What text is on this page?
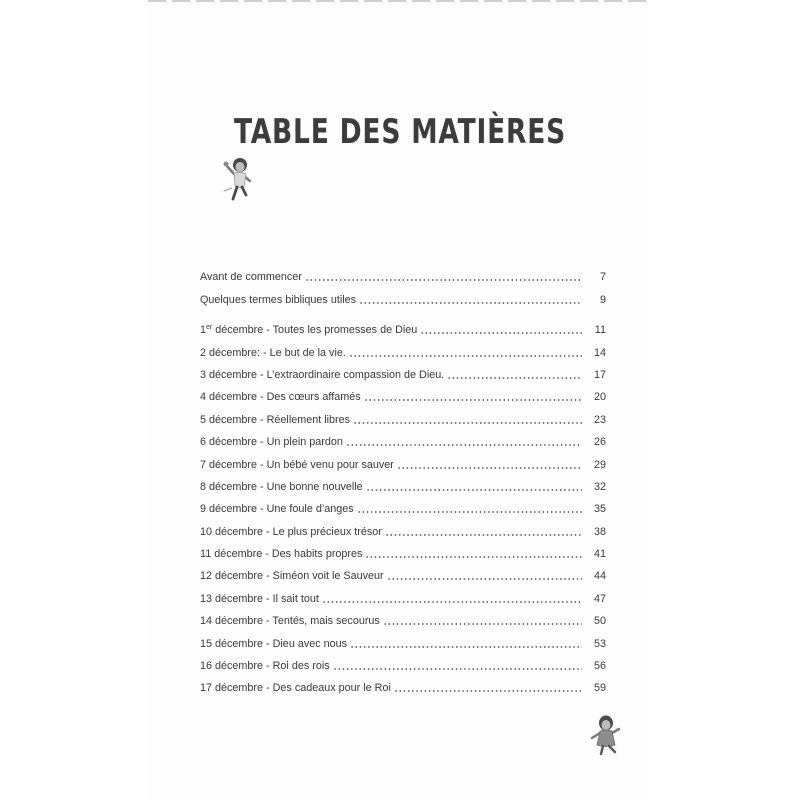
TABLE DES MATIÈRES
Avant de commencer	7
Quelques termes bibliques utiles	9
1er décembre - Toutes les promesses de Dieu	11
2 décembre: - Le but de la vie.	14
3 décembre - L’extraordinaire compassion de Dieu.	17
4 décembre - Des cœurs affamés	20
5 décembre - Réellement libres	23
6 décembre - Un plein pardon	26
7 décembre - Un bébé venu pour sauver	29
8 décembre - Une bonne nouvelle	32
9 décembre - Une foule d’anges	35
10 décembre - Le plus précieux trésor	38
11 décembre - Des habits propres	41
12 décembre - Siméon voit le Sauveur	44
13 décembre - Il sait tout	47
14 décembre - Tentés, mais secourus	50
15 décembre - Dieu avec nous	53
16 décembre - Roi des rois	56
17 décembre - Des cadeaux pour le Roi	59
